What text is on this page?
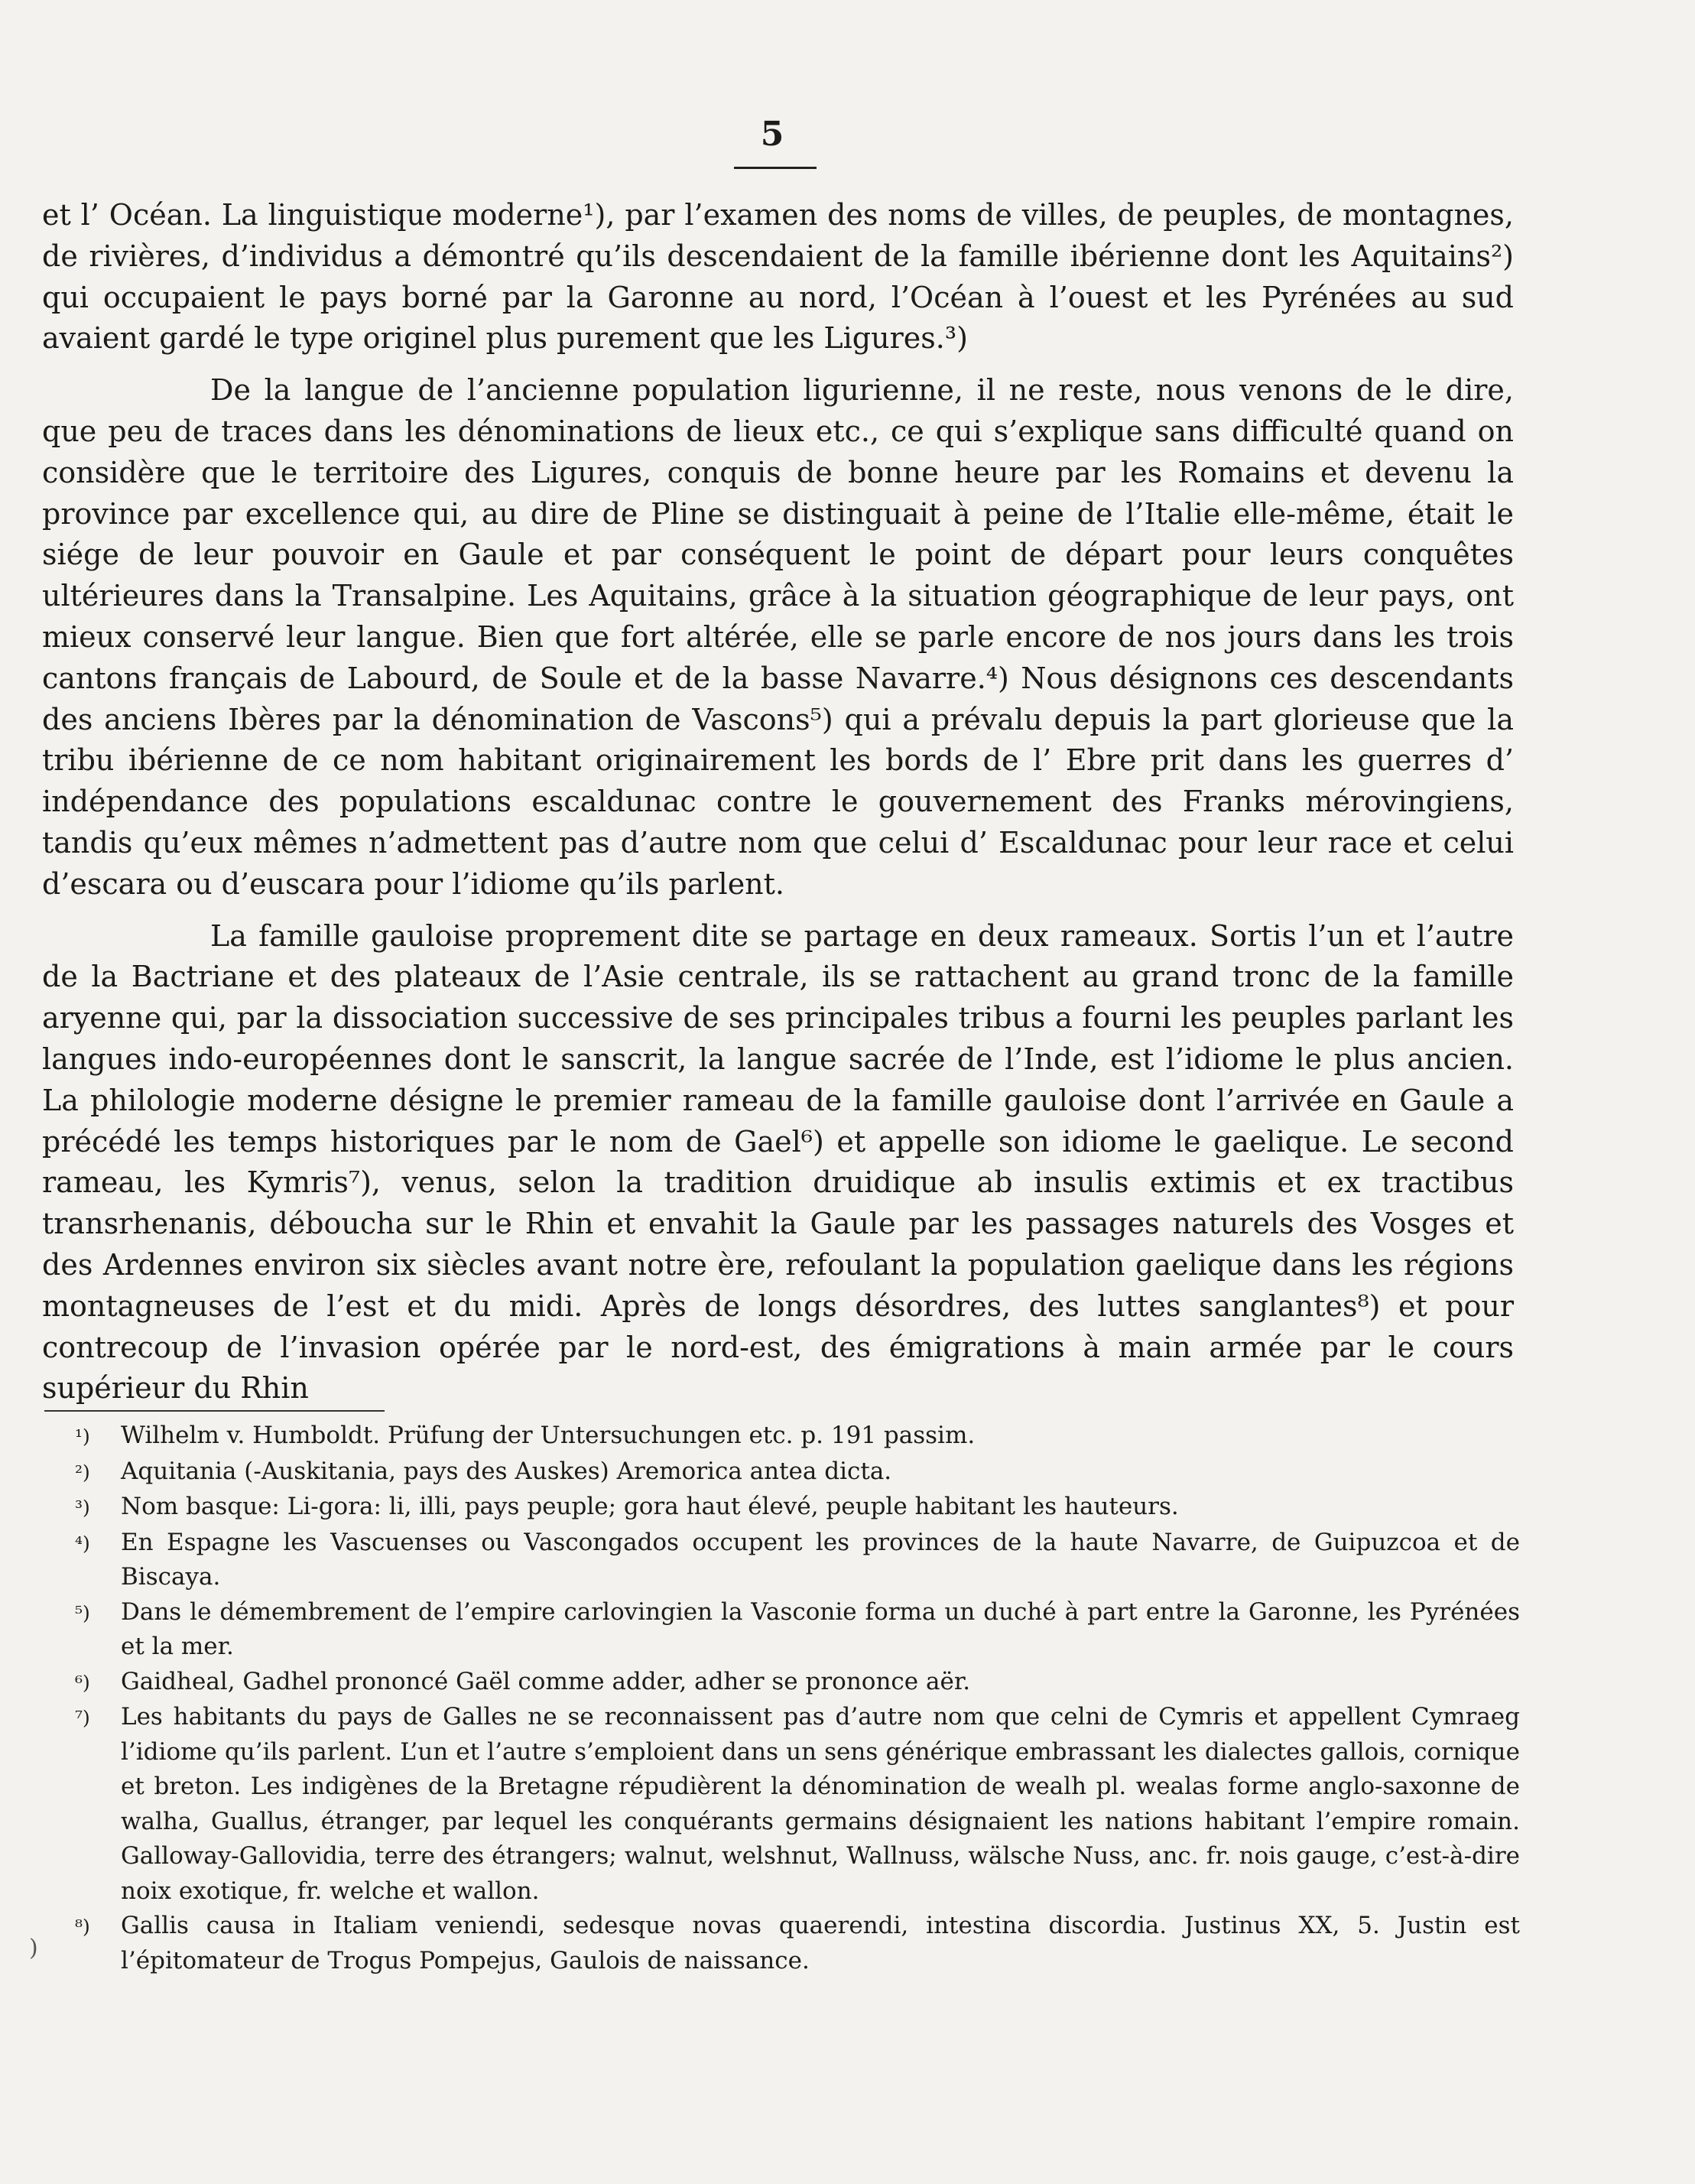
5

et l’ Océan. La linguistique moderne¹), par l’examen des noms de villes, de peuples, de montagnes, de rivières, d’individus a démontré qu’ils descendaient de la famille ibérienne dont les Aquitains²) qui occupaient le pays borné par la Garonne au nord, l’Océan à l’ouest et les Pyrénées au sud avaient gardé le type originel plus purement que les Ligures.³)

De la langue de l’ancienne population ligurienne, il ne reste, nous venons de le dire, que peu de traces dans les dénominations de lieux etc., ce qui s’explique sans difficulté quand on considère que le territoire des Ligures, conquis de bonne heure par les Romains et devenu la province par excellence qui, au dire de Pline se distinguait à peine de l’Italie elle-même, était le siége de leur pouvoir en Gaule et par conséquent le point de départ pour leurs conquêtes ultérieures dans la Transalpine. Les Aquitains, grâce à la situation géographique de leur pays, ont mieux conservé leur langue. Bien que fort altérée, elle se parle encore de nos jours dans les trois cantons français de Labourd, de Soule et de la basse Navarre.⁴) Nous désignons ces descendants des anciens Ibères par la dénomination de Vascons⁵) qui a prévalu depuis la part glorieuse que la tribu ibérienne de ce nom habitant originairement les bords de l’ Ebre prit dans les guerres d’ indépendance des populations escaldunac contre le gouvernement des Franks mérovingiens, tandis qu’eux mêmes n’admettent pas d’autre nom que celui d’ Escaldunac pour leur race et celui d’escara ou d’euscara pour l’idiome qu’ils parlent.

La famille gauloise proprement dite se partage en deux rameaux. Sortis l’un et l’autre de la Bactriane et des plateaux de l’Asie centrale, ils se rattachent au grand tronc de la famille aryenne qui, par la dissociation successive de ses principales tribus a fourni les peuples parlant les langues indo-européennes dont le sanscrit, la langue sacrée de l’Inde, est l’idiome le plus ancien. La philologie moderne désigne le premier rameau de la famille gauloise dont l’arrivée en Gaule a précédé les temps historiques par le nom de Gael⁶) et appelle son idiome le gaelique. Le second rameau, les Kymris⁷), venus, selon la tradition druidique ab insulis extimis et ex tractibus transrhenanis, déboucha sur le Rhin et envahit la Gaule par les passages naturels des Vosges et des Ardennes environ six siècles avant notre ère, refoulant la population gaelique dans les régions montagneuses de l’est et du midi. Après de longs désordres, des luttes sanglantes⁸) et pour contrecoup de l’invasion opérée par le nord-est, des émigrations à main armée par le cours supérieur du Rhin

¹)	Wilhelm v. Humboldt. Prüfung der Untersuchungen etc. p. 191 passim.
²)	Aquitania (-Auskitania, pays des Auskes) Aremorica antea dicta.
³)	Nom basque: Li-gora: li, illi, pays peuple; gora haut élevé, peuple habitant les hauteurs.
⁴)	En Espagne les Vascuenses ou Vascongados occupent les provinces de la haute Navarre, de Guipuzcoa et de Biscaya.
⁵)	Dans le démembrement de l’empire carlovingien la Vasconie forma un duché à part entre la Garonne, les Pyrénées et la mer.
⁶)	Gaidheal, Gadhel prononcé Gaël comme adder, adher se prononce aër.
⁷)	Les habitants du pays de Galles ne se reconnaissent pas d’autre nom que celni de Cymris et appellent Cymraeg l’idiome qu’ils parlent. L’un et l’autre s’emploient dans un sens générique embrassant les dialectes gallois, cornique et breton. Les indigènes de la Bretagne répudièrent la dénomination de wealh pl. wealas forme anglo-saxonne de walha, Guallus, étranger, par lequel les conquérants germains désignaient les nations habitant l’empire romain. Galloway-Gallovidia, terre des étrangers; walnut, welshnut, Wallnuss, wälsche Nuss, anc. fr. nois gauge, c’est-à-dire noix exotique, fr. welche et wallon.
⁸)	Gallis causa in Italiam veniendi, sedesque novas quaerendi, intestina discordia. Justinus XX, 5. Justin est l’épitomateur de Trogus Pompejus, Gaulois de naissance.
)
